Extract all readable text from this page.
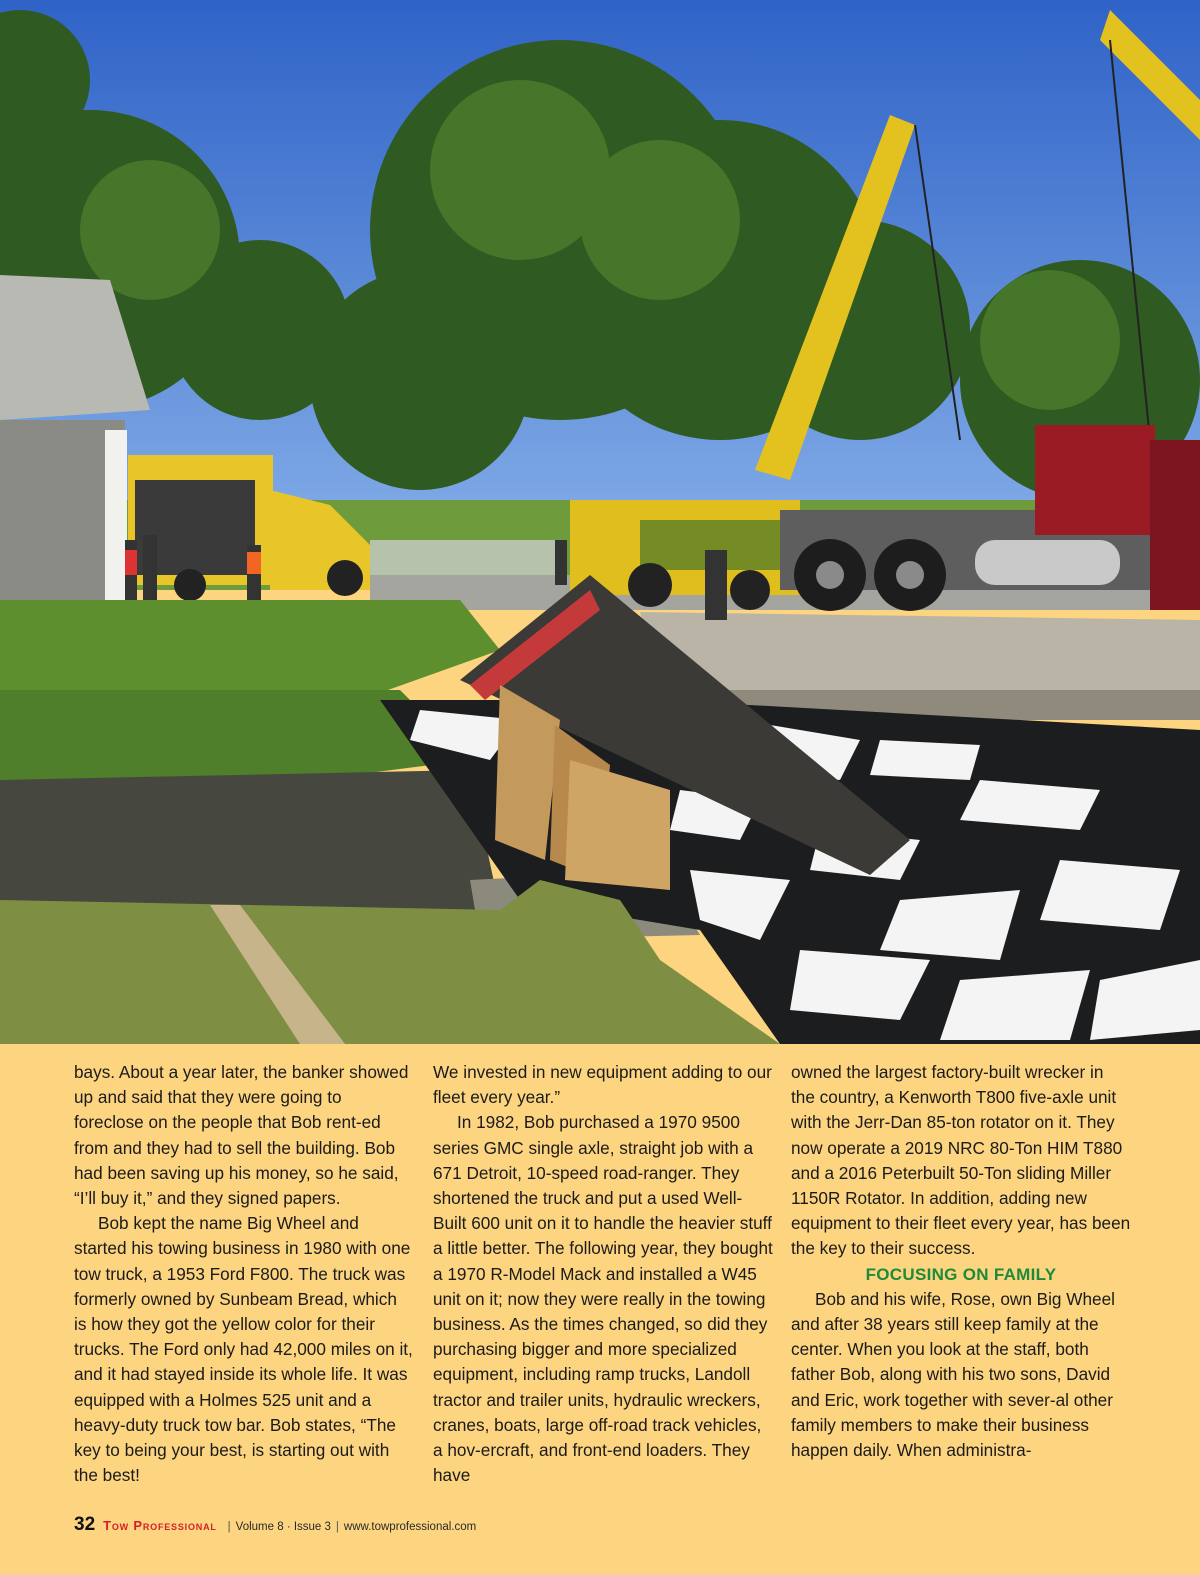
bays. About a year later, the banker showed up and said that they were going to foreclose on the people that Bob rent-ed from and they had to sell the building. Bob had been saving up his money, so he said, “I’ll buy it,” and they signed papers.

Bob kept the name Big Wheel and started his towing business in 1980 with one tow truck, a 1953 Ford F800. The truck was formerly owned by Sunbeam Bread, which is how they got the yellow color for their trucks. The Ford only had 42,000 miles on it, and it had stayed inside its whole life. It was equipped with a Holmes 525 unit and a heavy-duty truck tow bar. Bob states, “The key to being your best, is starting out with the best!

We invested in new equipment adding to our fleet every year.”

In 1982, Bob purchased a 1970 9500 series GMC single axle, straight job with a 671 Detroit, 10-speed road-ranger. They shortened the truck and put a used Well-Built 600 unit on it to handle the heavier stuff a little better. The following year, they bought a 1970 R-Model Mack and installed a W45 unit on it; now they were really in the towing business. As the times changed, so did they purchasing bigger and more specialized equipment, including ramp trucks, Landoll tractor and trailer units, hydraulic wreckers, cranes, boats, large off-road track vehicles, a hov-ercraft, and front-end loaders. They have

owned the largest factory-built wrecker in the country, a Kenworth T800 five-axle unit with the Jerr-Dan 85-ton rotator on it. They now operate a 2019 NRC 80-Ton HIM T880 and a 2016 Peterbuilt 50-Ton sliding Miller 1150R Rotator. In addition, adding new equipment to their fleet every year, has been the key to their success.

FOCUSING ON FAMILY

Bob and his wife, Rose, own Big Wheel and after 38 years still keep family at the center. When you look at the staff, both father Bob, along with his two sons, David and Eric, work together with sever-al other family members to make their business happen daily. When administra-

32 Tow Professional | Volume 8 · Issue 3 | www.towprofessional.com
